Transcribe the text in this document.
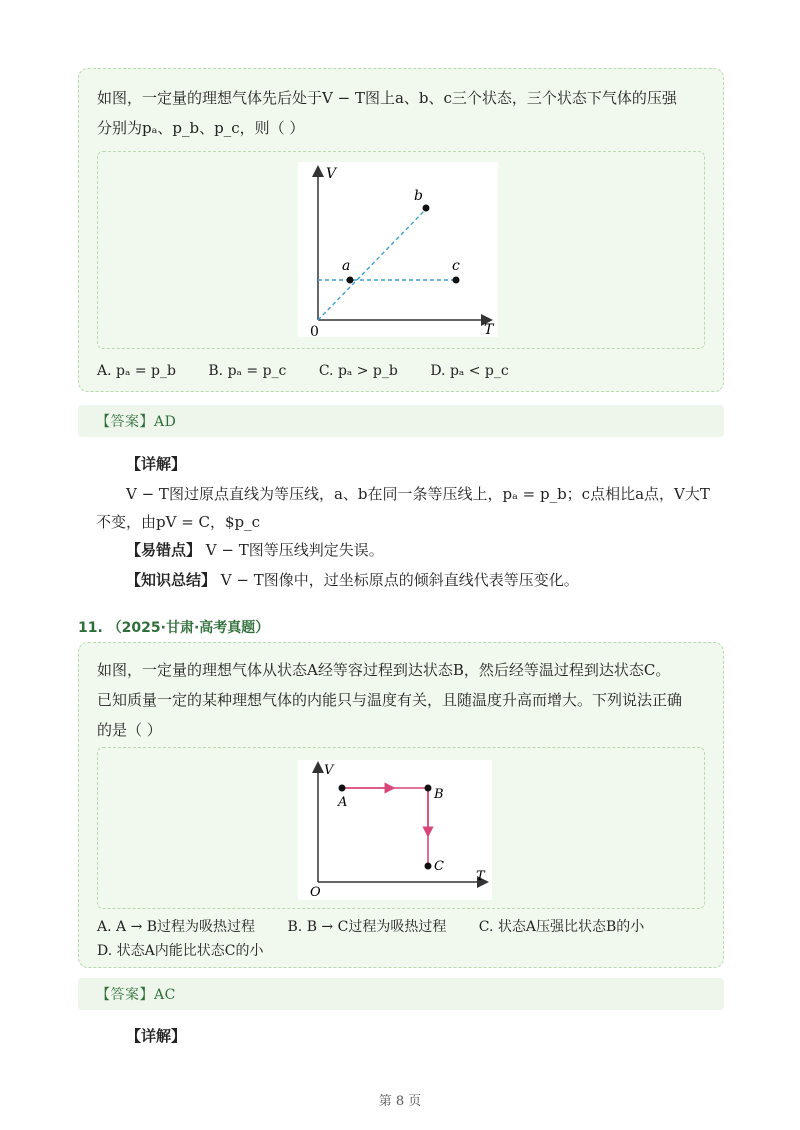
如图，一定量的理想气体先后处于V − T图上a、b、c三个状态，三个状态下气体的压强
分别为pₐ、p_b、p_c，则（ ）
V
T
0
a
b
c
A. pₐ = p_b B. pₐ = p_c C. pₐ > p_b D. pₐ < p_c
【答案】AD
【详解】
V − T图过原点直线为等压线，a、b在同一条等压线上，pₐ = p_b；c点相比a点，V大T
不变，由pV = C，$p_c
【易错点】 V − T图等压线判定失误。
【知识总结】 V − T图像中，过坐标原点的倾斜直线代表等压变化。
11. （2025·甘肃·高考真题）
如图，一定量的理想气体从状态A经等容过程到达状态B，然后经等温过程到达状态C。
已知质量一定的某种理想气体的内能只与温度有关，且随温度升高而增大。下列说法正确
的是（ ）
V
T
O
A
B
C
A. A → B过程为吸热过程 B. B → C过程为吸热过程 C. 状态A压强比状态B的小
D. 状态A内能比状态C的小
【答案】AC
【详解】
第 8 页
